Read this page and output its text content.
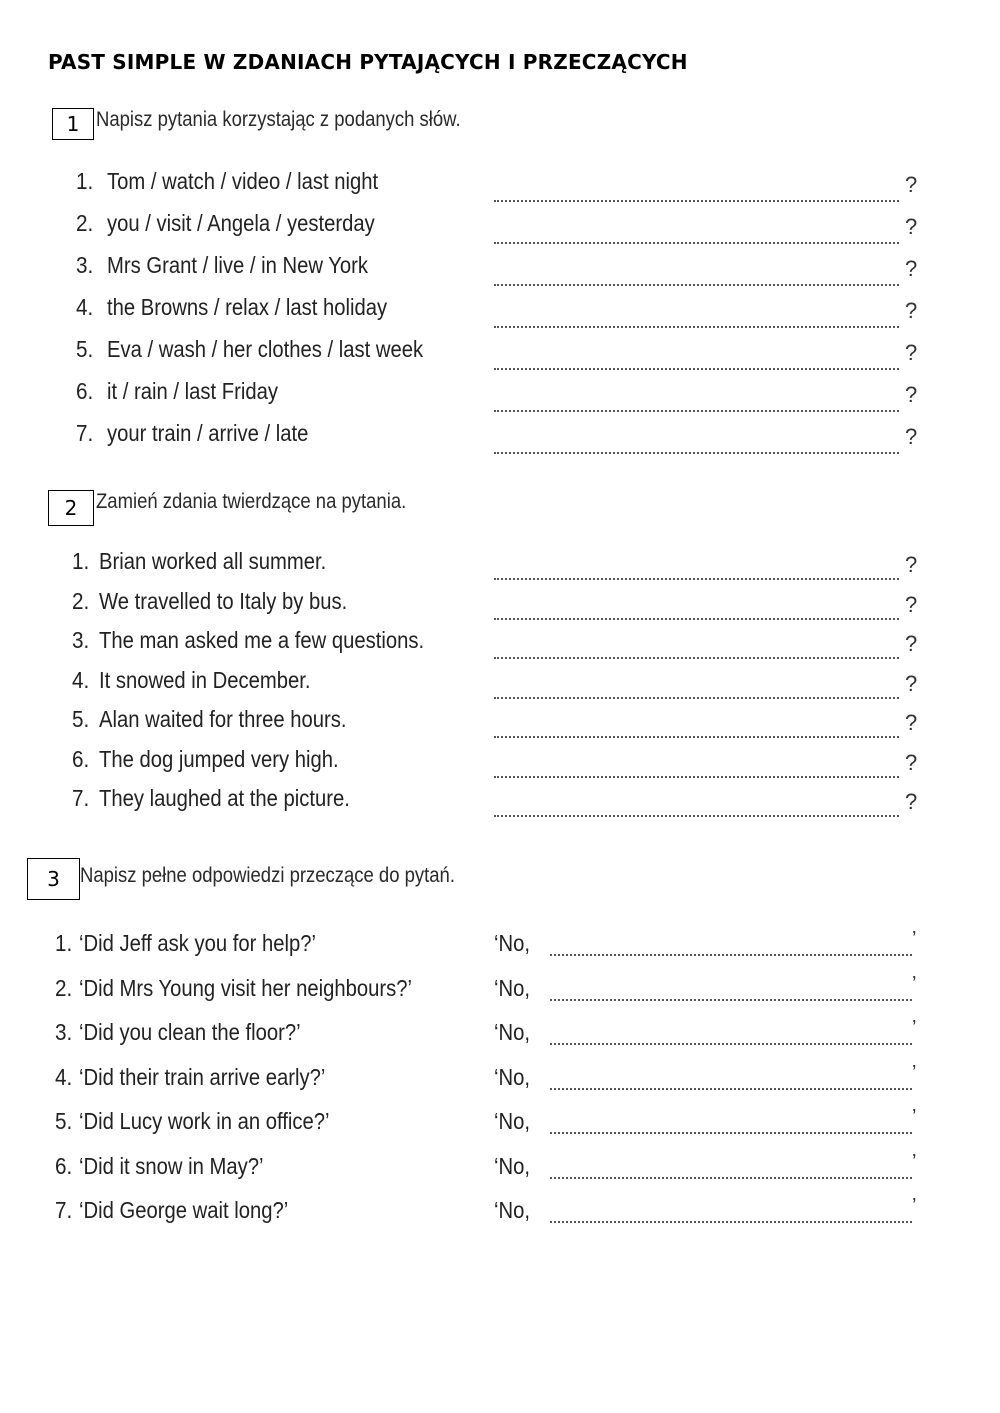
PAST SIMPLE W ZDANIACH PYTAJĄCYCH I PRZECZĄCYCH
1 Napisz pytania korzystając z podanych słów.
1. Tom / watch / video / last night	?
2. you / visit / Angela / yesterday	?
3. Mrs Grant / live / in New York	?
4. the Browns / relax / last holiday	?
5. Eva / wash / her clothes / last week	?
6. it / rain / last Friday	?
7. your train / arrive / late	?
2 Zamień zdania twierdzące na pytania.
1. Brian worked all summer.	?
2. We travelled to Italy by bus.	?
3. The man asked me a few questions.	?
4. It snowed in December.	?
5. Alan waited for three hours.	?
6. The dog jumped very high.	?
7. They laughed at the picture.	?
3 Napisz pełne odpowiedzi przeczące do pytań.
1. ‘Did Jeff ask you for help?’	‘No,	’
2. ‘Did Mrs Young visit her neighbours?’	‘No,	’
3. ‘Did you clean the floor?’	‘No,	’
4. ‘Did their train arrive early?’	‘No,	’
5. ‘Did Lucy work in an office?’	‘No,	’
6. ‘Did it snow in May?’	‘No,	’
7. ‘Did George wait long?’	‘No,	’
